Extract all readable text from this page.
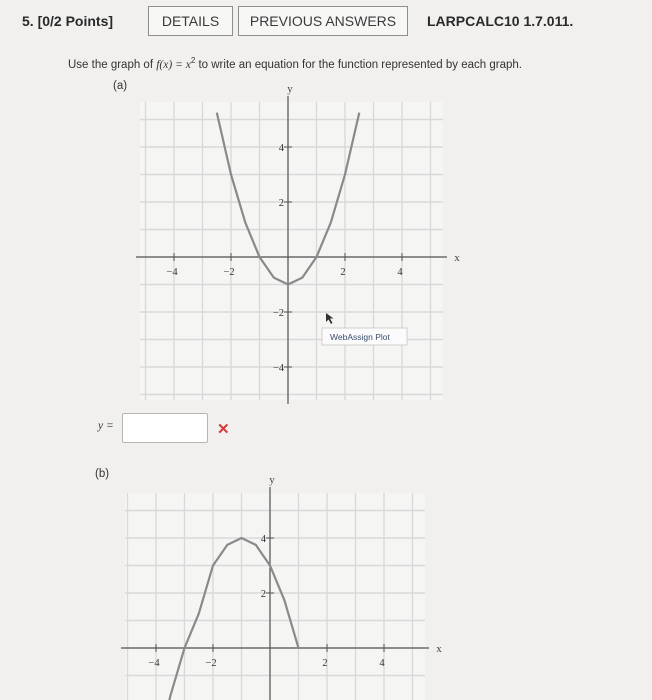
5. [0/2 Points]	DETAILS	PREVIOUS ANSWERS	LARPCALC10 1.7.011.
Use the graph of $f(x) = x^2$ to write an equation for the function represented by each graph.
(a)
−4	−2	2	4
4
2
−2
−4
y
x
WebAssign Plot
y =	✕
(b)
−4	−2	2	4
4
2
y
x
